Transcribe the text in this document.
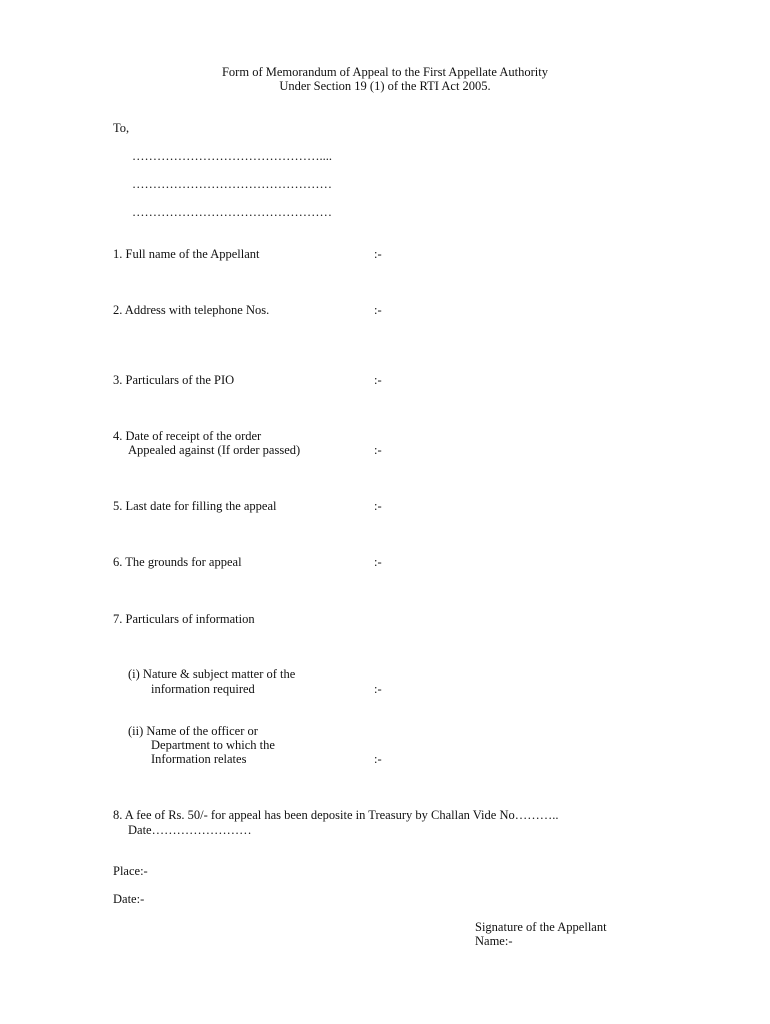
Form of Memorandum of Appeal to the First Appellate Authority
Under Section 19 (1) of the RTI Act 2005.
To,
………………………………………....
…………………………………………
…………………………………………
1. Full name of the Appellant	:-
2. Address with telephone Nos.	:-
3. Particulars of the PIO	:-
4. Date of receipt of the order
Appealed against (If order passed)	:-
5. Last date for filling the appeal	:-
6. The grounds for appeal	:-
7. Particulars of information
(i) Nature & subject matter of the
information required	:-
(ii) Name of the officer or
Department to which the
Information relates	:-
8. A fee of Rs. 50/- for appeal has been deposite in Treasury by Challan Vide No………..
Date……………………
Place:-
Date:-
Signature of the Appellant
Name:-
